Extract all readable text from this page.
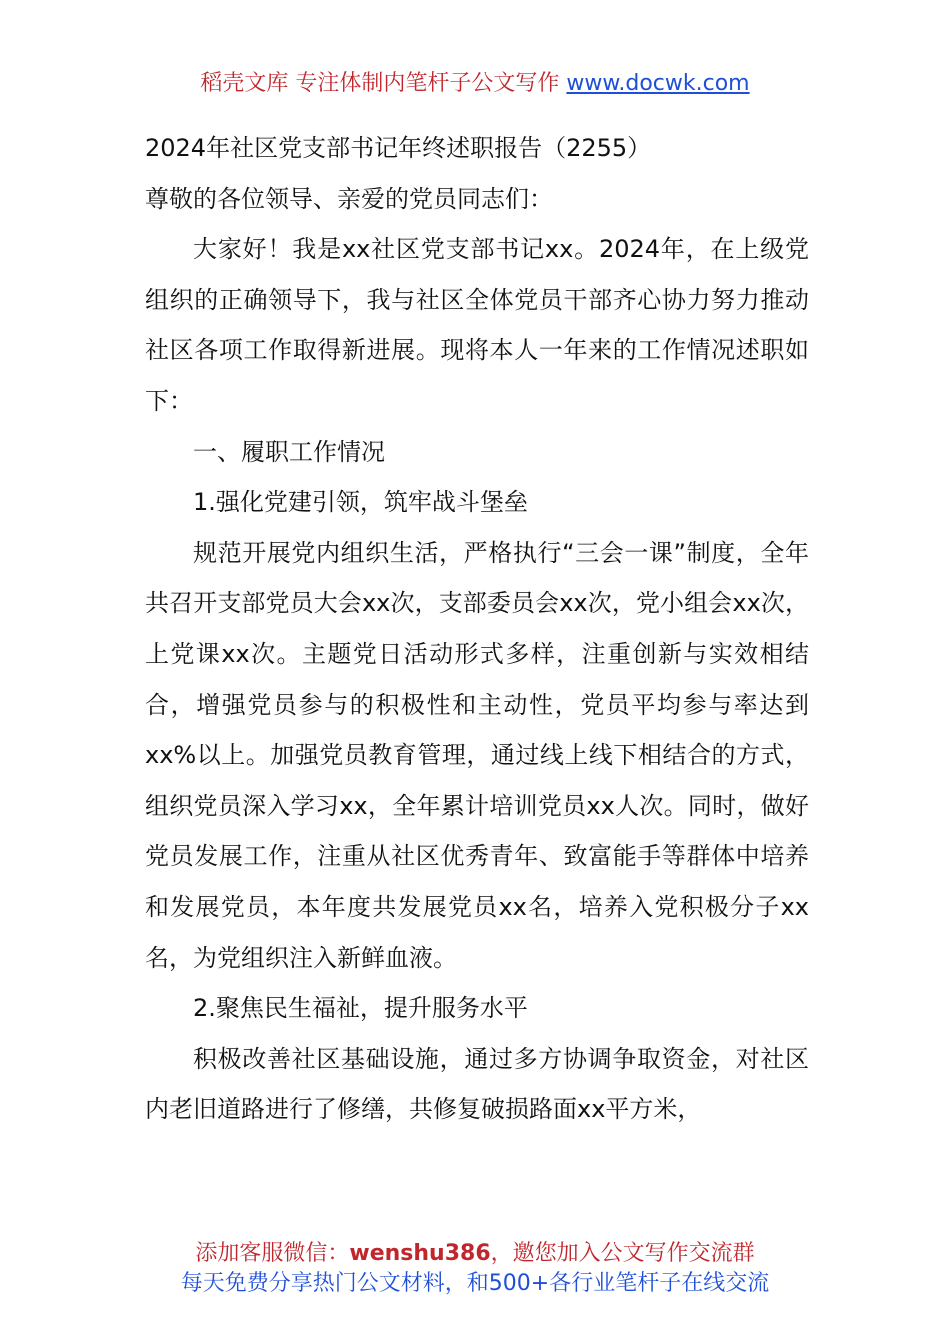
稻壳文库 专注体制内笔杆子公文写作 www.docwk.com

2024年社区党支部书记年终述职报告（2255）

尊敬的各位领导、亲爱的党员同志们：

大家好！我是xx社区党支部书记xx。2024年，在上级党组织的正确领导下，我与社区全体党员干部齐心协力努力推动社区各项工作取得新进展。现将本人一年来的工作情况述职如下：

一、履职工作情况

1.强化党建引领，筑牢战斗堡垒

规范开展党内组织生活，严格执行“三会一课”制度，全年共召开支部党员大会xx次，支部委员会xx次，党小组会xx次，上党课xx次。主题党日活动形式多样，注重创新与实效相结合，增强党员参与的积极性和主动性，党员平均参与率达到xx%以上。加强党员教育管理，通过线上线下相结合的方式，组织党员深入学习xx，全年累计培训党员xx人次。同时，做好党员发展工作，注重从社区优秀青年、致富能手等群体中培养和发展党员，本年度共发展党员xx名，培养入党积极分子xx名，为党组织注入新鲜血液。

2.聚焦民生福祉，提升服务水平

积极改善社区基础设施，通过多方协调争取资金，对社区内老旧道路进行了修缮，共修复破损路面xx平方米，

添加客服微信：wenshu386，邀您加入公文写作交流群
每天免费分享热门公文材料，和500+各行业笔杆子在线交流
